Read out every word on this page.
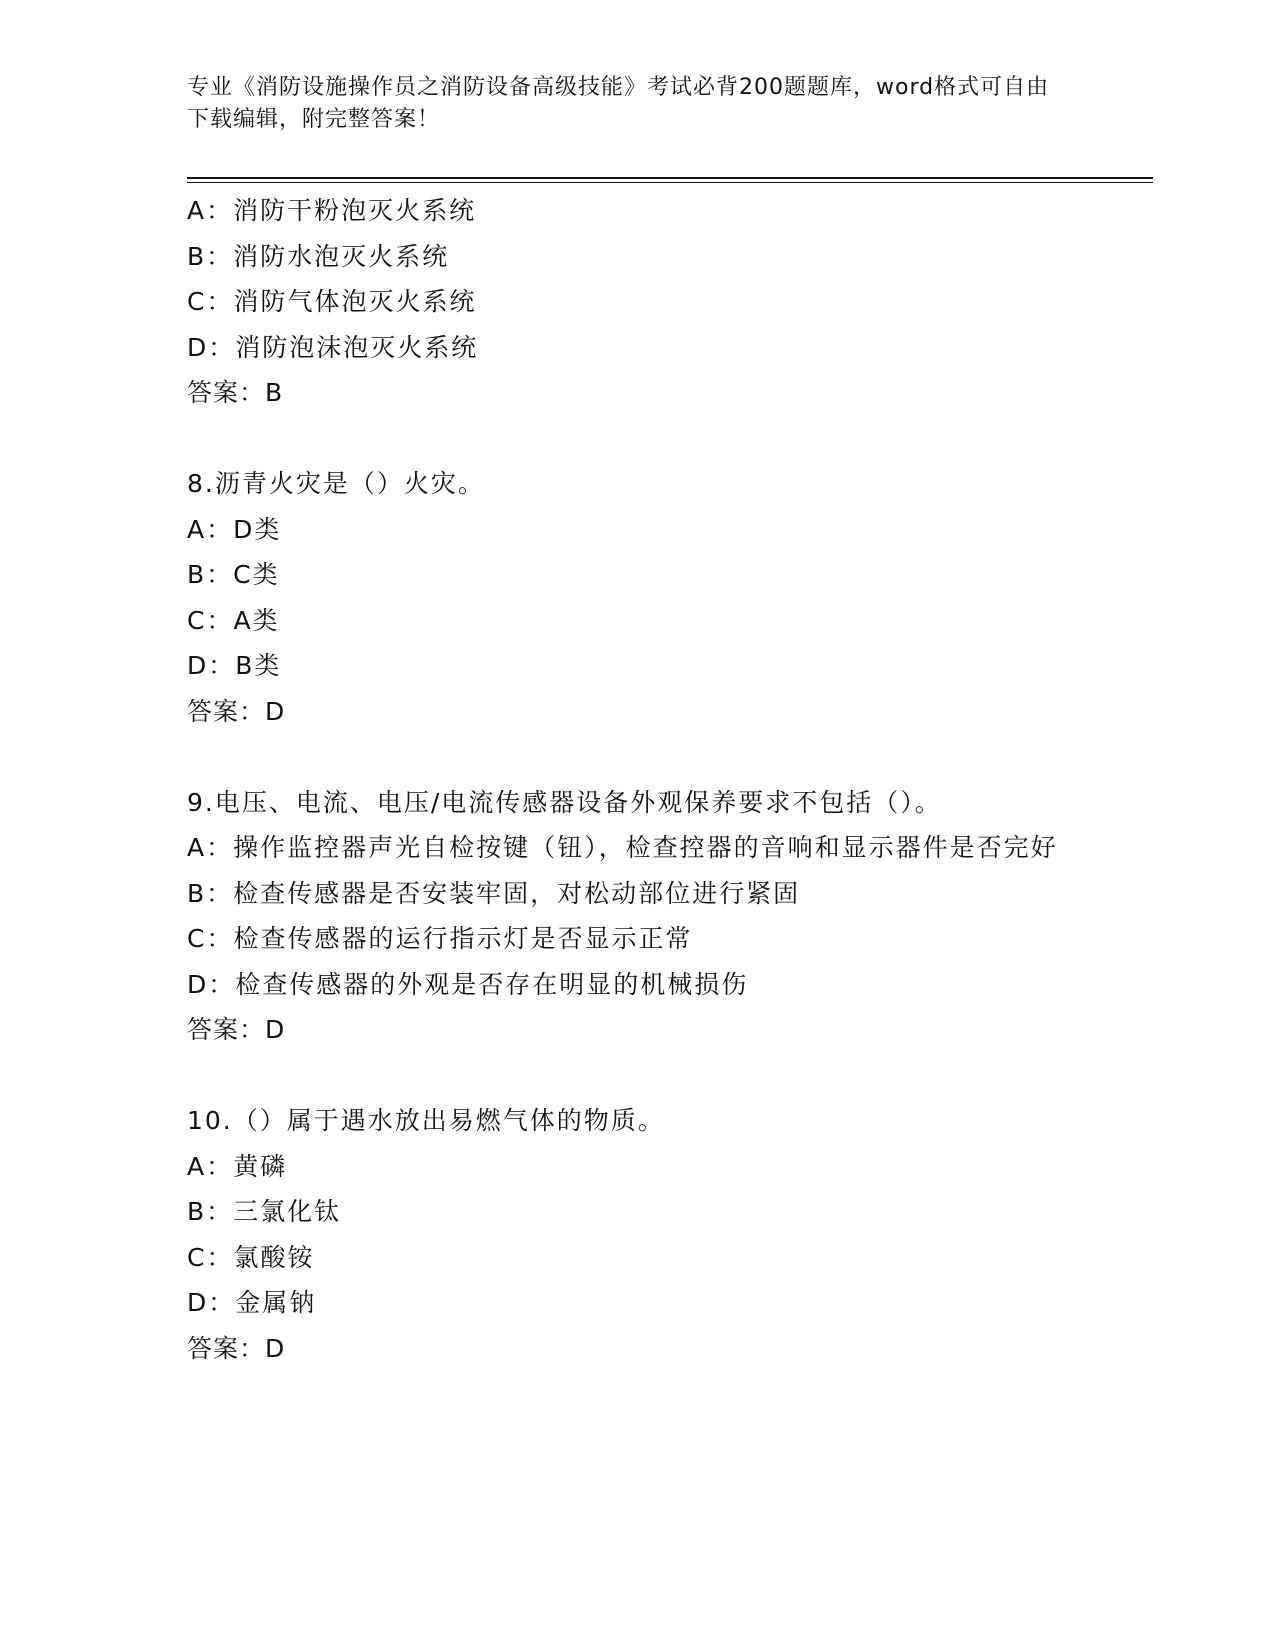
专业《消防设施操作员之消防设备高级技能》考试必背200题题库，word格式可自由下载编辑，附完整答案！
A：消防干粉泡灭火系统
B：消防水泡灭火系统
C：消防气体泡灭火系统
D：消防泡沫泡灭火系统
答案：B
8.沥青火灾是（）火灾。
A：D类
B：C类
C：A类
D：B类
答案：D
9.电压、电流、电压/电流传感器设备外观保养要求不包括（）。
A：操作监控器声光自检按键（钮），检查控器的音响和显示器件是否完好
B：检查传感器是否安装牢固，对松动部位进行紧固
C：检查传感器的运行指示灯是否显示正常
D：检查传感器的外观是否存在明显的机械损伤
答案：D
10.（）属于遇水放出易燃气体的物质。
A：黄磷
B：三氯化钛
C：氯酸铵
D：金属钠
答案：D
